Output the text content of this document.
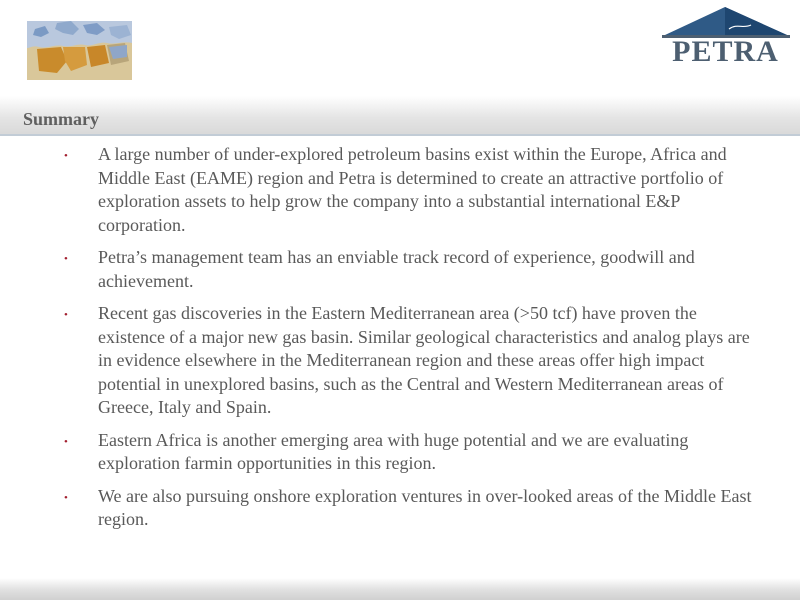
PETRA
Summary
• A large number of under-explored petroleum basins exist within the Europe, Africa and Middle East (EAME) region and Petra is determined to create an attractive portfolio of exploration assets to help grow the company into a substantial international E&P corporation.
• Petra’s management team has an enviable track record of experience, goodwill and achievement.
• Recent gas discoveries in the Eastern Mediterranean area (>50 tcf) have proven the existence of a major new gas basin. Similar geological characteristics and analog plays are in evidence elsewhere in the Mediterranean region and these areas offer high impact potential in unexplored basins, such as the Central and Western Mediterranean areas of Greece, Italy and Spain.
• Eastern Africa is another emerging area with huge potential and we are evaluating exploration farmin opportunities in this region.
• We are also pursuing onshore exploration ventures in over-looked areas of the Middle East region.
